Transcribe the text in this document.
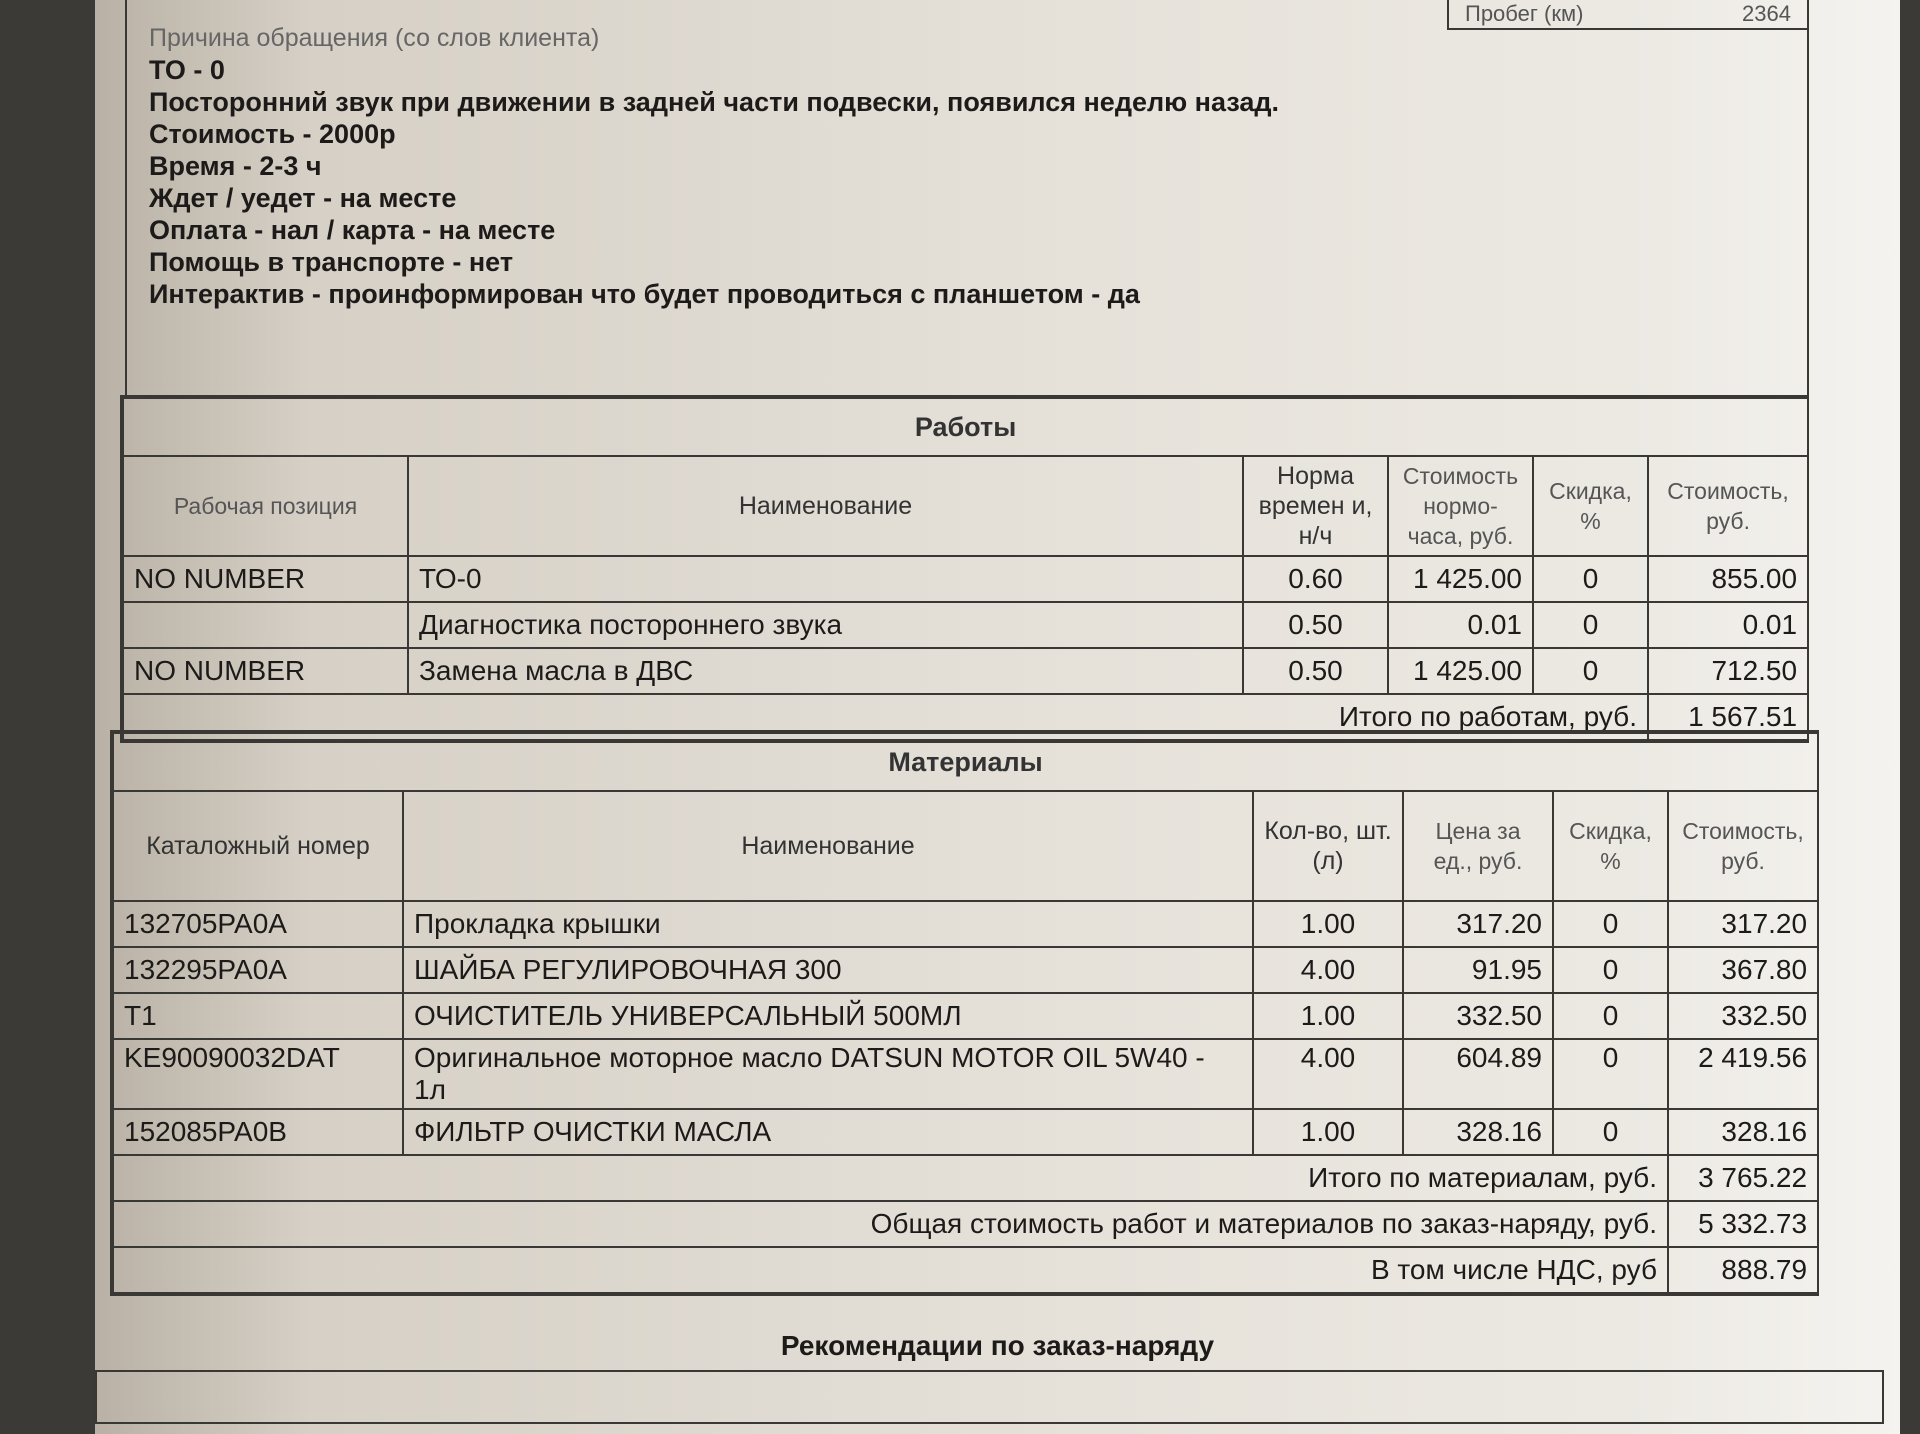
Пробег (км)	2364
Причина обращения (со слов клиента)
ТО - 0
Посторонний звук при движении в задней части подвески, появился неделю назад.
Стоимость - 2000р
Время - 2-3 ч
Ждет / уедет - на месте
Оплата - нал / карта - на месте
Помощь в транспорте - нет
Интерактив - проинформирован что будет проводиться с планшетом - да
Работы					
Рабочая позиция	Наименование	Норма времен и, н/ч	Стоимость нормо-часа, руб.	Скидка, %	Стоимость, руб.
NO NUMBER	ТО-0	0.60	1 425.00	0	855.00
	Диагностика постороннего звука	0.50	0.01	0	0.01
NO NUMBER	Замена масла в ДВС	0.50	1 425.00	0	712.50
Итого по работам, руб.					1 567.51
Материалы					
Каталожный номер	Наименование	Кол-во, шт. (л)	Цена за ед., руб.	Скидка, %	Стоимость, руб.
132705PA0A	Прокладка крышки	1.00	317.20	0	317.20
132295PA0A	ШАЙБА РЕГУЛИРОВОЧНАЯ 300	4.00	91.95	0	367.80
T1	ОЧИСТИТЕЛЬ УНИВЕРСАЛЬНЫЙ 500МЛ	1.00	332.50	0	332.50
KE90090032DAT	Оригинальное моторное масло DATSUN MOTOR OIL 5W40 - 1л	4.00	604.89	0	2 419.56
152085PA0B	ФИЛЬТР ОЧИСТКИ МАСЛА	1.00	328.16	0	328.16
Итого по материалам, руб.					3 765.22
Общая стоимость работ и материалов по заказ-наряду, руб.					5 332.73
В том числе НДС, руб					888.79
Рекомендации по заказ-наряду
